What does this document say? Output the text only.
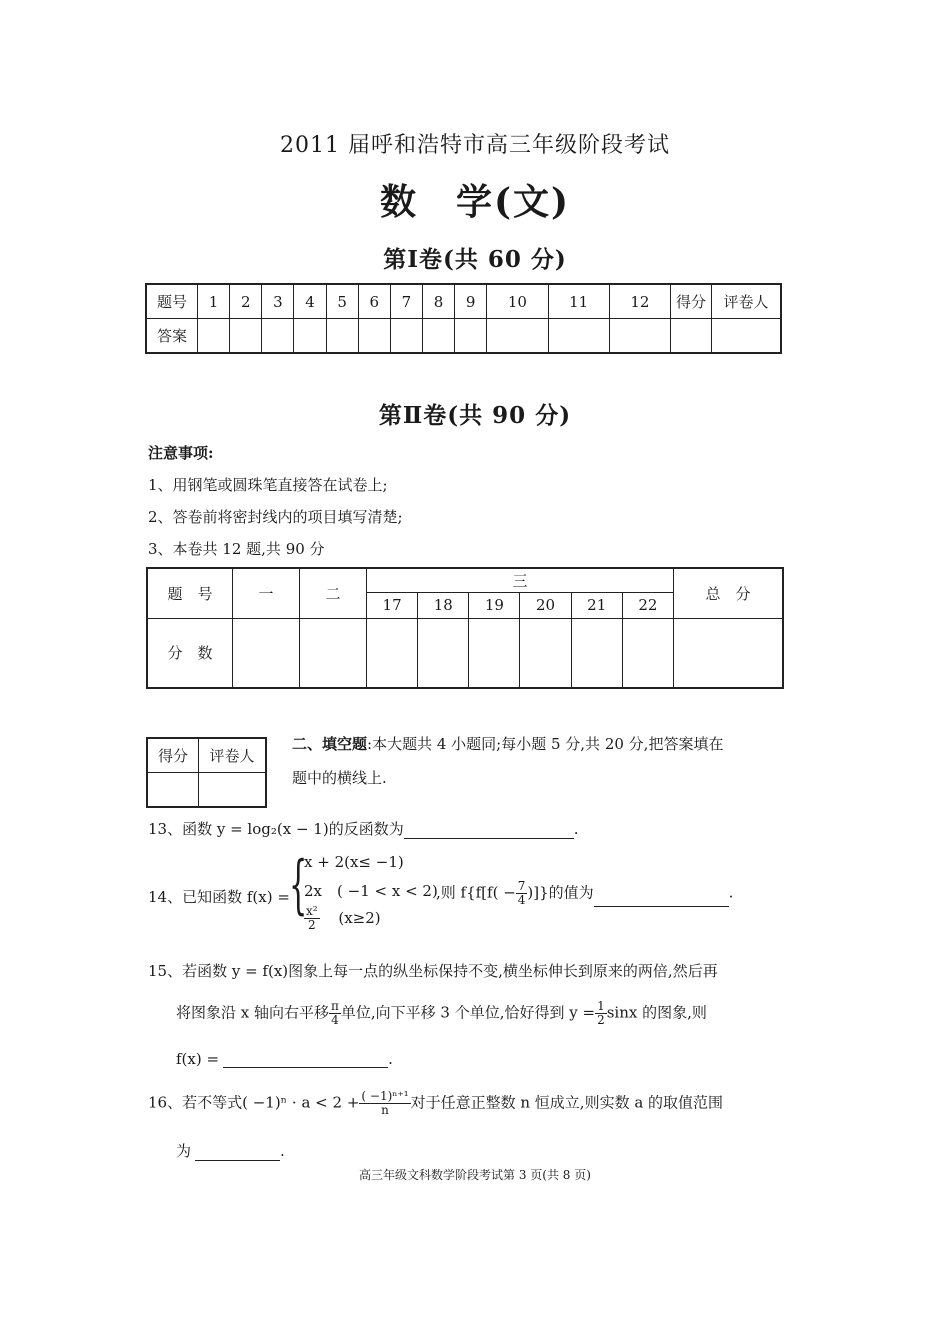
2011 届呼和浩特市高三年级阶段考试
数　学(文)
第Ⅰ卷(共 60 分)
题号	1	2	3	4	5	6	7	8	9	10	11	12	得分	评卷人
答案														
第Ⅱ卷(共 90 分)
注意事项:
1、用钢笔或圆珠笔直接答在试卷上;
2、答卷前将密封线内的项目填写清楚;
3、本卷共 12 题,共 90 分
题　号	一	二	三						总　分
			17	18	19	20	21	22	
分　数									
得分	评卷人

二、填空题:本大题共 4 小题同;每小题 5 分,共 20 分,把答案填在
题中的横线上.
13、函数 y = log₂(x − 1)的反函数为	.
14、已知函数 f(x) = {
x + 2(x≤ −1)
2x　( −1 < x < 2)
$\frac{\text{x²}}{2} (x\ge 2)$
,则 $f\{f[f( - \frac{7}{4}$ )]}的值为	.
15、若函数 y = f(x)图象上每一点的纵坐标保持不变,横坐标伸长到原来的两倍,然后再
将图象沿 x 轴向右平移 $\frac{\pi}{4}$ 单位,向下平移 3 个单位,恰好得到 $y = \frac{1}{2}$ sinx 的图象,则
f(x) =	.
16、若不等式( $-1)^n \cdot a < 2 + \frac{\text{( −1)ⁿ⁺¹}}{n}$ 对于任意正整数 n 恒成立,则实数 a 的取值范围
为	.
高三年级文科数学阶段考试第 3 页(共 8 页)
